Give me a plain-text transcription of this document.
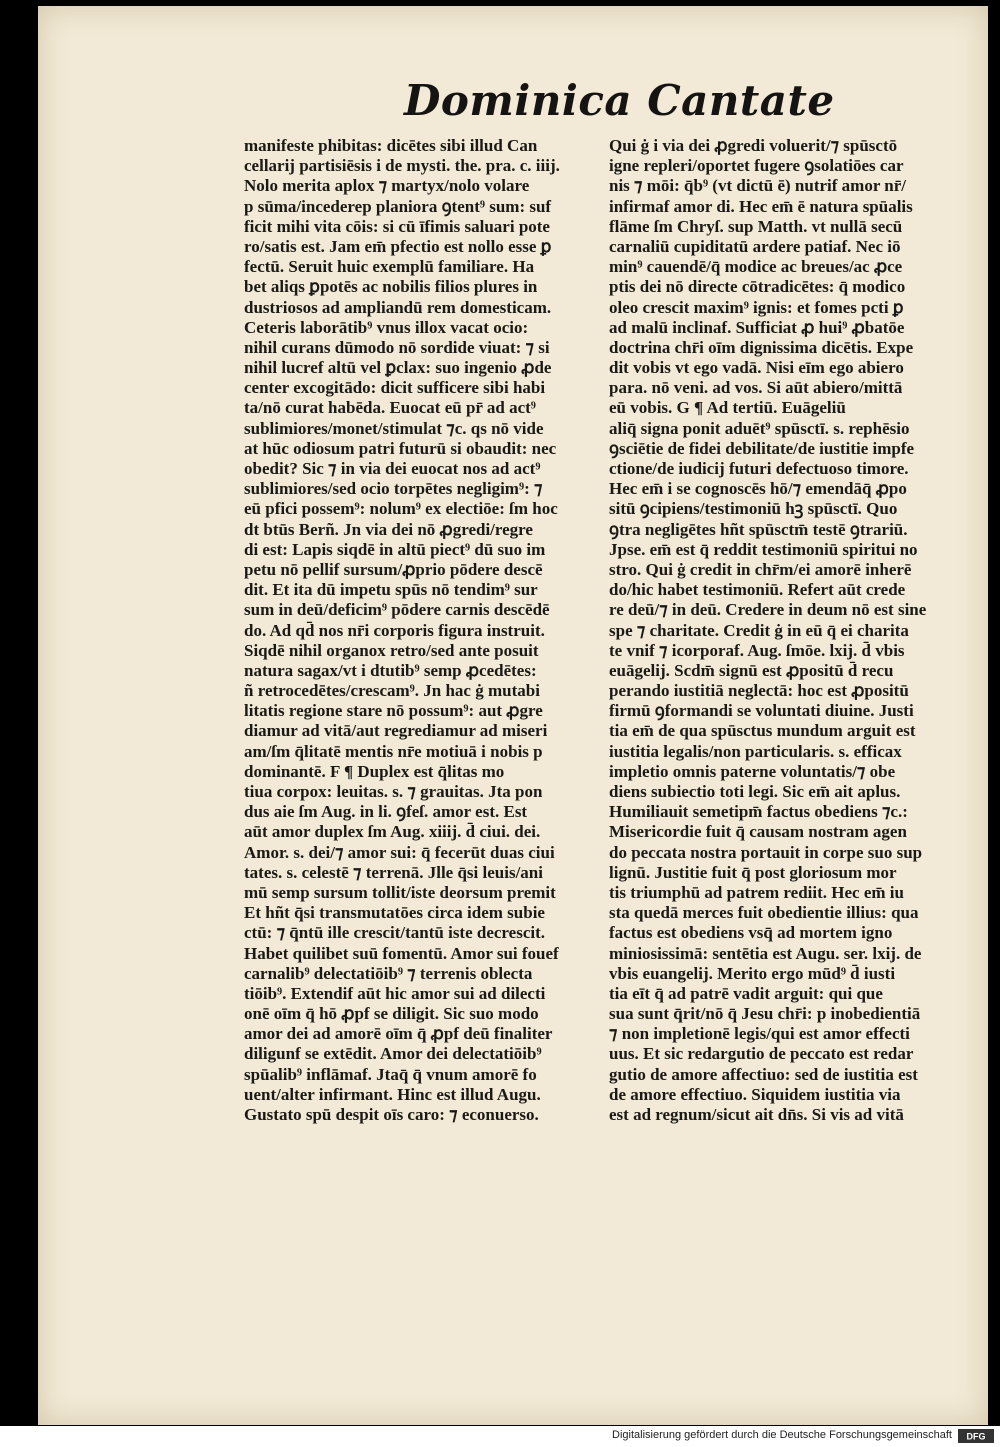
Dominica Cantate
manifeste phibitas: dicētes sibi illud Can
cellarij partisiēsis i de mysti. the. pra. c. iiij.
Nolo merita aplox ⁊ martyx/nolo volare
p sūma/incederep planiora ꝯtent⁹ sum: suf
ficit mihi vita cōis: si cū īfimis saluari pote
ro/satis est. Jam em̄ pfectio est nollo esse ꝑ
fectū. Seruit huic exemplū familiare. Ha
bet aliqs ꝑpotēs ac nobilis filios plures in
dustriosos ad ampliandū rem domesticam.
Ceteris laborātib⁹ vnus illox vacat ocio:
nihil curans dūmodo nō sordide viuat: ⁊ si
nihil lucref altū vel ꝑclax: suo ingenio ꝓde
center excogitādo: dicit sufficere sibi habi
ta/nō curat habēda. Euocat eū pr̄ ad act⁹
sublimiores/monet/stimulat ⁊c. qs nō vide
at hūc odiosum patri futurū si obaudit: nec
obedit? Sic ⁊ in via dei euocat nos ad act⁹
sublimiores/sed ocio torpētes negligim⁹: ⁊
eū pfici possem⁹: nolum⁹ ex electiōe: ſm hoc
dt btūs Berñ. Jn via dei nō ꝓgredi/regre
di est: Lapis siqdē in altū piect⁹ dū suo im
petu nō pellif sursum/ꝓprio pōdere descē
dit. Et ita dū impetu spūs nō tendim⁹ sur
sum in deū/deficim⁹ pōdere carnis descēdē
do. Ad qd̄ nos nr̄i corporis figura instruit.
Siqdē nihil organox retro/sed ante posuit
natura sagax/vt i dtutib⁹ semp ꝓcedētes:
ñ retrocedētes/crescam⁹. Jn hac ġ mutabi
litatis regione stare nō possum⁹: aut ꝓgre
diamur ad vitā/aut regrediamur ad miseri
am/ſm q̄litatē mentis nr̄e motiuā i nobis p
dominantē. F ¶ Duplex est q̄litas mo
tiua corpox: leuitas. s. ⁊ grauitas. Jta pon
dus aie ſm Aug. in li. ꝯfeſ. amor est. Est
aūt amor duplex ſm Aug. xiiij. d̄ ciui. dei.
Amor. s. dei/⁊ amor sui: q̄ fecerūt duas ciui
tates. s. celestē ⁊ terrenā. Jlle q̄si leuis/ani
mū semp sursum tollit/iste deorsum premit
Et hñt q̄si transmutatōes circa idem subie
ctū: ⁊ q̄ntū ille crescit/tantū iste decrescit.
Habet quilibet suū fomentū. Amor sui fouef
carnalib⁹ delectatiōib⁹ ⁊ terrenis oblecta
tiōib⁹. Extendif aūt hic amor sui ad dilecti
onē oīm q̄ hō ꝓpf se diligit. Sic suo modo
amor dei ad amorē oīm q̄ ꝓpf deū finaliter
diligunf se extēdit. Amor dei delectatiōib⁹
spūalib⁹ inflāmaf. Jtaq̄ q̄ vnum amorē fo
uent/alter infirmant. Hinc est illud Augu.
Gustato spū despit oīs caro: ⁊ econuerso.
Qui ġ i via dei ꝓgredi voluerit/⁊ spūsctō
igne repleri/oportet fugere ꝯsolatiōes car
nis ⁊ mōi: q̄b⁹ (vt dictū ē) nutrif amor nr̄/
infirmaf amor di. Hec em̄ ē natura spūalis
flāme ſm Chryſ. sup Matth. vt nullā secū
carnaliū cupiditatū ardere patiaf. Nec iō
min⁹ cauendē/q̄ modice ac breues/ac ꝓce
ptis dei nō directe cōtradicētes: q̄ modico
oleo crescit maxim⁹ ignis: et fomes pcti ꝑ
ad malū inclinaf. Sufficiat ꝓ hui⁹ ꝓbatōe
doctrina chr̄i oīm dignissima dicētis. Expe
dit vobis vt ego vadā. Nisi eīm ego abiero
para. nō veni. ad vos. Si aūt abiero/mittā
eū vobis. G ¶ Ad tertiū. Euāgeliū
aliq̄ signa ponit aduēt⁹ spūsctī. s. rephēsio
ꝯsciētie de fidei debilitate/de iustitie impfe
ctione/de iudicij futuri defectuoso timore.
Hec em̄ i se cognoscēs hō/⁊ emendāq̄ ꝓpo
sitū ꝯcipiens/testimoniū hꝫ spūsctī. Quo
ꝯtra negligētes hñt spūsctm̄ testē ꝯtrariū.
Jpse. em̄ est q̄ reddit testimoniū spiritui no
stro. Qui ġ credit in chr̄m/ei amorē inherē
do/hic habet testimoniū. Refert aūt crede
re deū/⁊ in deū. Credere in deum nō est sine
spe ⁊ charitate. Credit ġ in eū q̄ ei charita
te vnif ⁊ icorporaf. Aug. ſmōe. lxij. d̄ vbis
euāgelij. Scdm̄ signū est ꝓpositū d̄ recu
perando iustitiā neglectā: hoc est ꝓpositū
firmū ꝯformandi se voluntati diuine. Justi
tia em̄ de qua spūsctus mundum arguit est
iustitia legalis/non particularis. s. efficax
impletio omnis paterne voluntatis/⁊ obe
diens subiectio toti legi. Sic em̄ ait aplus.
Humiliauit semetipm̄ factus obediens ⁊c.:
Misericordie fuit q̄ causam nostram agen
do peccata nostra portauit in corpe suo sup
lignū. Justitie fuit q̄ post gloriosum mor
tis triumphū ad patrem rediit. Hec em̄ iu
sta quedā merces fuit obedientie illius: qua
factus est obediens vsq̄ ad mortem igno
miniosissimā: sentētia est Augu. ser. lxij. de
vbis euangelij. Merito ergo mūd⁹ d̄ iusti
tia eīt q̄ ad patrē vadit arguit: qui que
sua sunt q̄rit/nō q̄ Jesu chr̄i: p inobedientiā
⁊ non impletionē legis/qui est amor effecti
uus. Et sic redargutio de peccato est redar
gutio de amore affectiuo: sed de iustitia est
de amore effectiuo. Siquidem iustitia via
est ad regnum/sicut ait dn̄s. Si vis ad vitā
Digitalisierung gefördert durch die Deutsche Forschungsgemeinschaft DFG
